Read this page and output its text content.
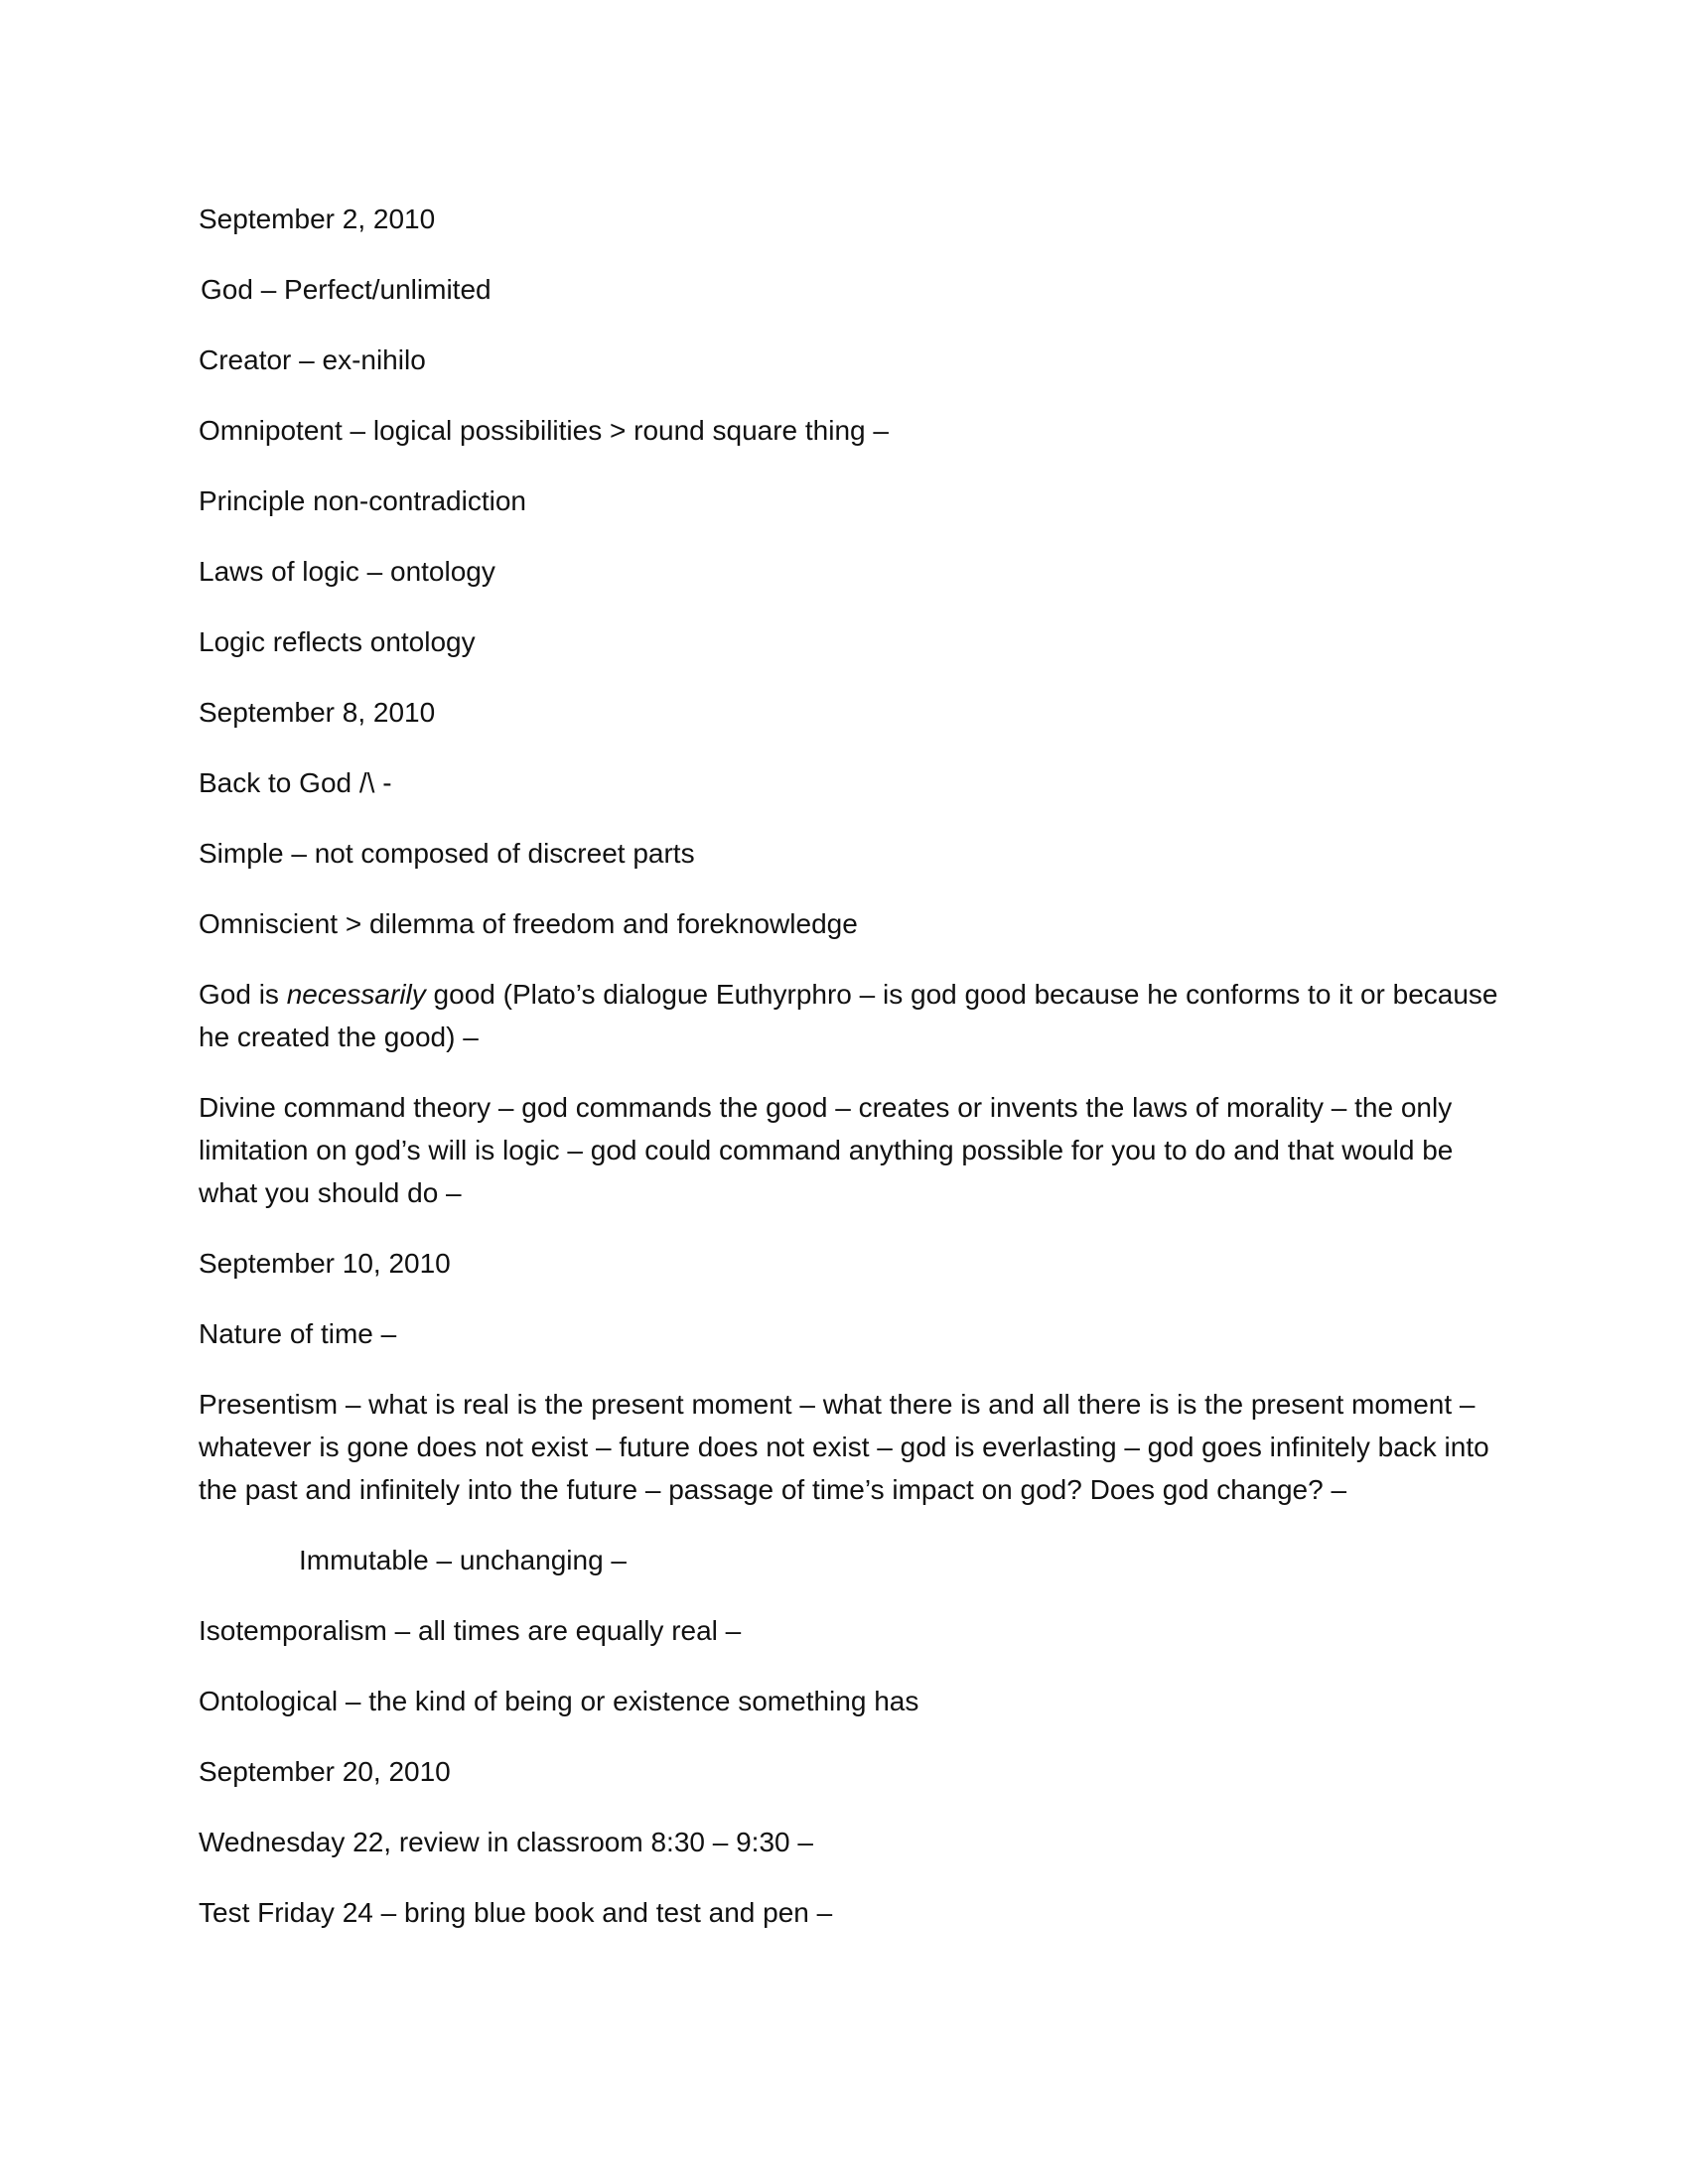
September 2, 2010

God – Perfect/unlimited

Creator – ex-nihilo

Omnipotent – logical possibilities > round square thing –

Principle non-contradiction

Laws of logic – ontology

Logic reflects ontology

September 8, 2010

Back to God /\ -

Simple – not composed of discreet parts

Omniscient > dilemma of freedom and foreknowledge

God is necessarily good (Plato’s dialogue Euthyrphro – is god good because he conforms to it or because he created the good) –

Divine command theory – god commands the good – creates or invents the laws of morality – the only limitation on god’s will is logic – god could command anything possible for you to do and that would be what you should do –

September 10, 2010

Nature of time –

Presentism – what is real is the present moment – what there is and all there is is the present moment – whatever is gone does not exist – future does not exist – god is everlasting – god goes infinitely back into the past and infinitely into the future – passage of time’s impact on god? Does god change? –

Immutable – unchanging –

Isotemporalism – all times are equally real –

Ontological – the kind of being or existence something has

September 20, 2010

Wednesday 22, review in classroom 8:30 – 9:30 –

Test Friday 24 – bring blue book and test and pen –
